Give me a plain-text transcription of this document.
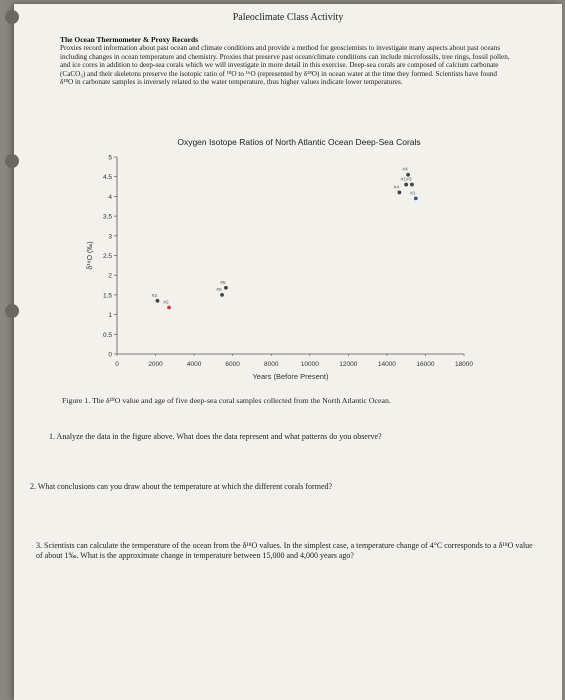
Paleoclimate Class Activity
The Ocean Thermometer & Proxy Records
Proxies record information about past ocean and climate conditions and provide a method for geoscientists to investigate many aspects about past oceans including changes in ocean temperature and chemistry. Proxies that preserve past ocean/climate conditions can include microfossils, tree rings, fossil pollen, and ice cores in addition to deep-sea corals which we will investigate in more detail in this exercise. Deep-sea corals are composed of calcium carbonate (CaCO₃) and their skeletons preserve the isotopic ratio of ¹⁸O to ¹⁶O (represented by δ¹⁸O) in ocean water at the time they formed. Scientists have found δ¹⁸O in carbonate samples is inversely related to the water temperature, thus higher values indicate lower temperatures.
Oxygen Isotope Ratios of North Atlantic Ocean Deep-Sea Corals
0
0.5
1
1.5
2
2.5
3
3.5
4
4.5
5
0	2000	4000	6000	8000	10000	12000	14000	16000	18000
Years (Before Present)
δ¹⁸O (‰)
#2
#2
#5
#5
#4
#1 #3
#4
#1
Figure 1. The δ¹⁸O value and age of five deep-sea coral samples collected from the North Atlantic Ocean.
1. Analyze the data in the figure above. What does the data represent and what patterns do you observe?
2. What conclusions can you draw about the temperature at which the different corals formed?
3. Scientists can calculate the temperature of the ocean from the δ¹⁸O values. In the simplest case, a temperature change of 4°C corresponds to a δ¹⁸O value of about 1‰. What is the approximate change in temperature between 15,000 and 4,000 years ago?
